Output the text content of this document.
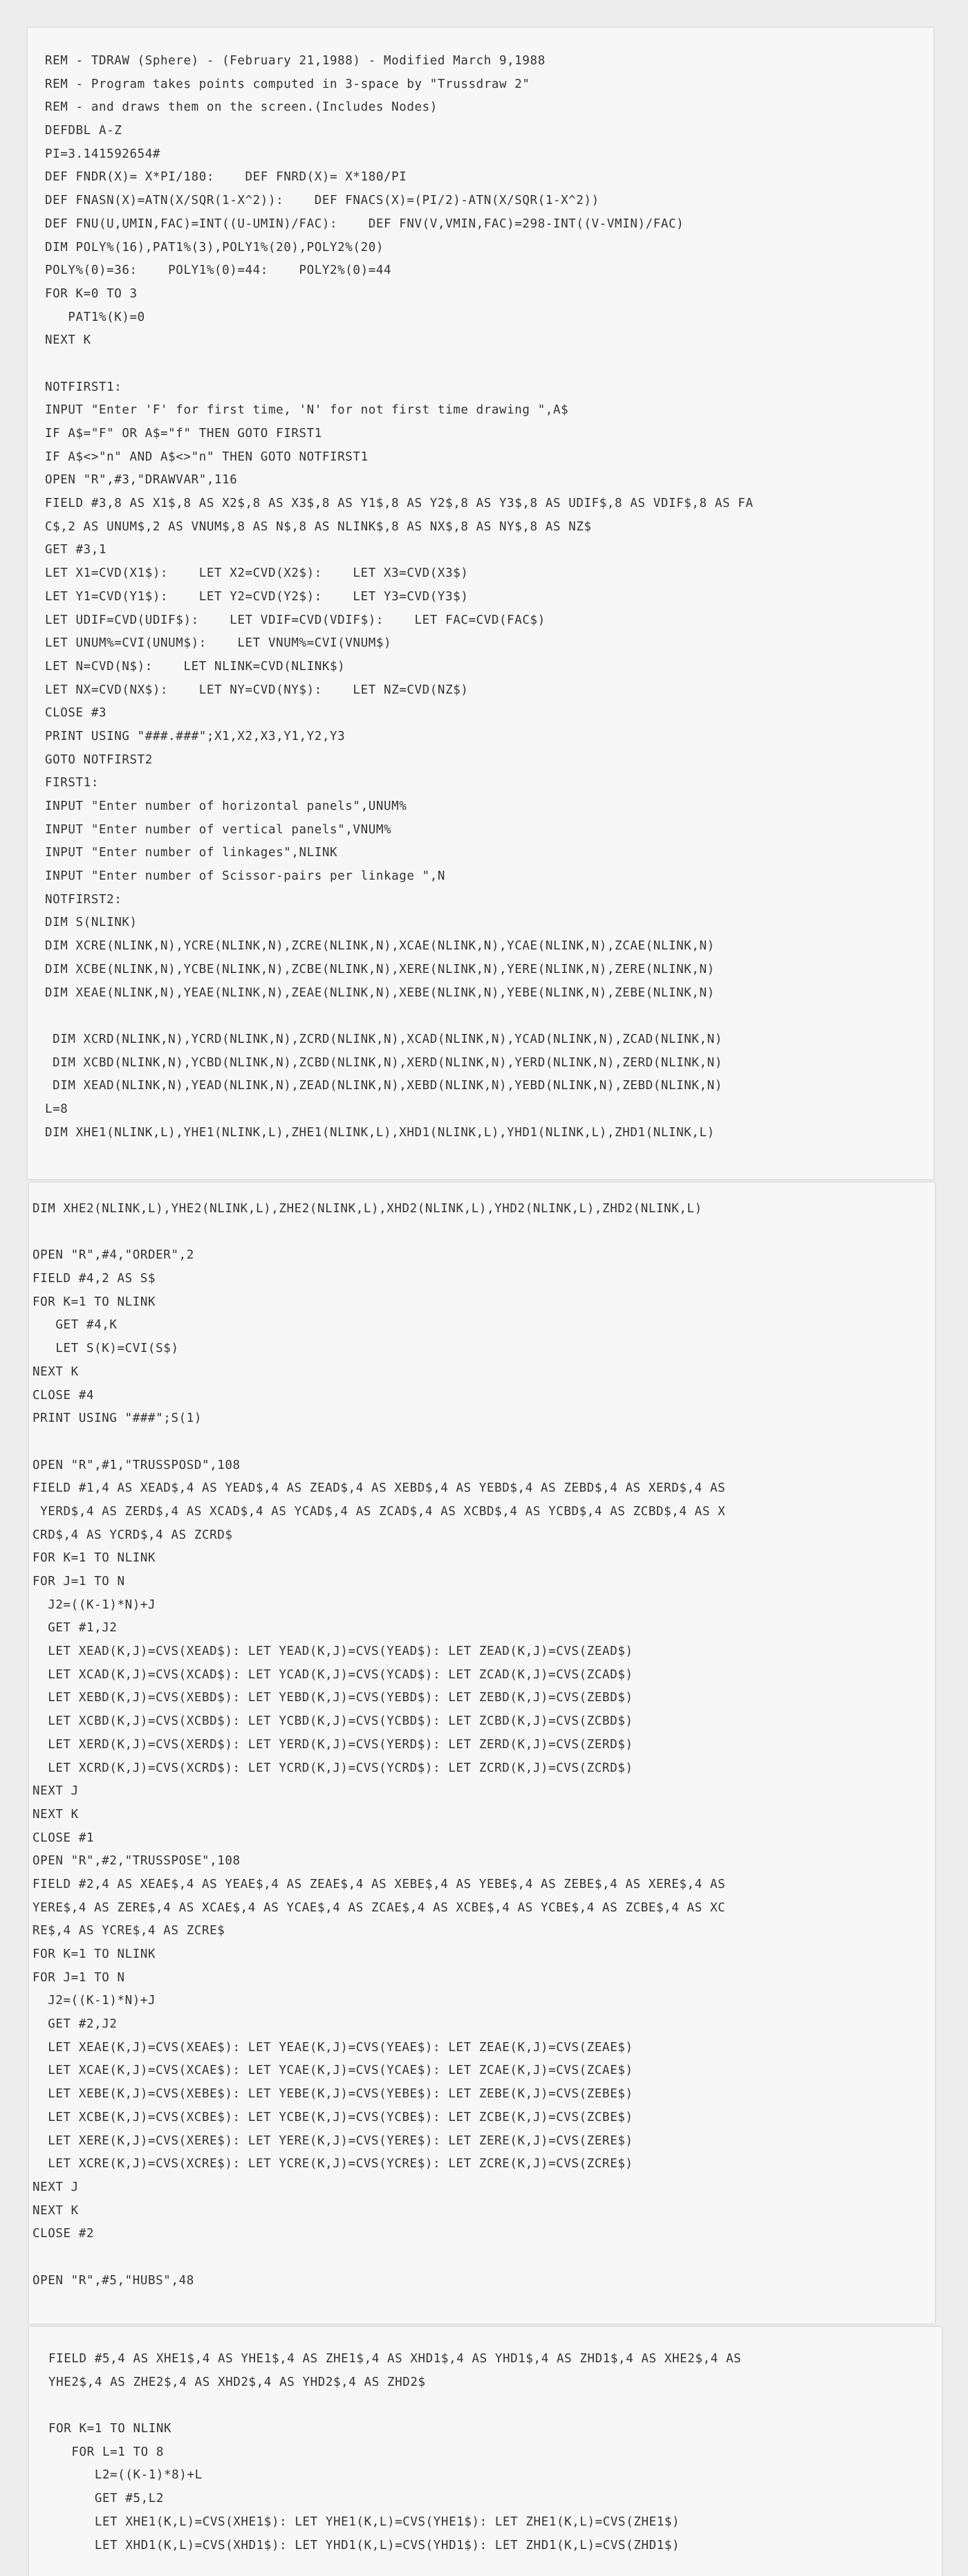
REM - TDRAW (Sphere) - (February 21,1988) - Modified March 9,1988
REM - Program takes points computed in 3-space by "Trussdraw 2"
REM - and draws them on the screen.(Includes Nodes)
DEFDBL A-Z
PI=3.141592654#
DEF FNDR(X)= X*PI/180:    DEF FNRD(X)= X*180/PI
DEF FNASN(X)=ATN(X/SQR(1-X^2)):    DEF FNACS(X)=(PI/2)-ATN(X/SQR(1-X^2))
DEF FNU(U,UMIN,FAC)=INT((U-UMIN)/FAC):    DEF FNV(V,VMIN,FAC)=298-INT((V-VMIN)/FAC)
DIM POLY%(16),PAT1%(3),POLY1%(20),POLY2%(20)
POLY%(0)=36:    POLY1%(0)=44:    POLY2%(0)=44
FOR K=0 TO 3
PAT1%(K)=0
NEXT K
NOTFIRST1:
INPUT "Enter 'F' for first time, 'N' for not first time drawing ",A$
IF A$="F" OR A$="f" THEN GOTO FIRST1
IF A$<>"n" AND A$<>"n" THEN GOTO NOTFIRST1
OPEN "R",#3,"DRAWVAR",116
FIELD #3,8 AS X1$,8 AS X2$,8 AS X3$,8 AS Y1$,8 AS Y2$,8 AS Y3$,8 AS UDIF$,8 AS VDIF$,8 AS FA
C$,2 AS UNUM$,2 AS VNUM$,8 AS N$,8 AS NLINK$,8 AS NX$,8 AS NY$,8 AS NZ$
GET #3,1
LET X1=CVD(X1$):    LET X2=CVD(X2$):    LET X3=CVD(X3$)
LET Y1=CVD(Y1$):    LET Y2=CVD(Y2$):    LET Y3=CVD(Y3$)
LET UDIF=CVD(UDIF$):    LET VDIF=CVD(VDIF$):    LET FAC=CVD(FAC$)
LET UNUM%=CVI(UNUM$):    LET VNUM%=CVI(VNUM$)
LET N=CVD(N$):    LET NLINK=CVD(NLINK$)
LET NX=CVD(NX$):    LET NY=CVD(NY$):    LET NZ=CVD(NZ$)
CLOSE #3
PRINT USING "###.###";X1,X2,X3,Y1,Y2,Y3
GOTO NOTFIRST2
FIRST1:
INPUT "Enter number of horizontal panels",UNUM%
INPUT "Enter number of vertical panels",VNUM%
INPUT "Enter number of linkages",NLINK
INPUT "Enter number of Scissor-pairs per linkage ",N
NOTFIRST2:
DIM S(NLINK)
DIM XCRE(NLINK,N),YCRE(NLINK,N),ZCRE(NLINK,N),XCAE(NLINK,N),YCAE(NLINK,N),ZCAE(NLINK,N)
DIM XCBE(NLINK,N),YCBE(NLINK,N),ZCBE(NLINK,N),XERE(NLINK,N),YERE(NLINK,N),ZERE(NLINK,N)
DIM XEAE(NLINK,N),YEAE(NLINK,N),ZEAE(NLINK,N),XEBE(NLINK,N),YEBE(NLINK,N),ZEBE(NLINK,N)
DIM XCRD(NLINK,N),YCRD(NLINK,N),ZCRD(NLINK,N),XCAD(NLINK,N),YCAD(NLINK,N),ZCAD(NLINK,N)
DIM XCBD(NLINK,N),YCBD(NLINK,N),ZCBD(NLINK,N),XERD(NLINK,N),YERD(NLINK,N),ZERD(NLINK,N)
DIM XEAD(NLINK,N),YEAD(NLINK,N),ZEAD(NLINK,N),XEBD(NLINK,N),YEBD(NLINK,N),ZEBD(NLINK,N)
L=8
DIM XHE1(NLINK,L),YHE1(NLINK,L),ZHE1(NLINK,L),XHD1(NLINK,L),YHD1(NLINK,L),ZHD1(NLINK,L)
DIM XHE2(NLINK,L),YHE2(NLINK,L),ZHE2(NLINK,L),XHD2(NLINK,L),YHD2(NLINK,L),ZHD2(NLINK,L)
OPEN "R",#4,"ORDER",2
FIELD #4,2 AS S$
FOR K=1 TO NLINK
GET #4,K
LET S(K)=CVI(S$)
NEXT K
CLOSE #4
PRINT USING "###";S(1)
OPEN "R",#1,"TRUSSPOSD",108
FIELD #1,4 AS XEAD$,4 AS YEAD$,4 AS ZEAD$,4 AS XEBD$,4 AS YEBD$,4 AS ZEBD$,4 AS XERD$,4 AS
YERD$,4 AS ZERD$,4 AS XCAD$,4 AS YCAD$,4 AS ZCAD$,4 AS XCBD$,4 AS YCBD$,4 AS ZCBD$,4 AS X
CRD$,4 AS YCRD$,4 AS ZCRD$
FOR K=1 TO NLINK
FOR J=1 TO N
J2=((K-1)*N)+J
GET #1,J2
LET XEAD(K,J)=CVS(XEAD$): LET YEAD(K,J)=CVS(YEAD$): LET ZEAD(K,J)=CVS(ZEAD$)
LET XCAD(K,J)=CVS(XCAD$): LET YCAD(K,J)=CVS(YCAD$): LET ZCAD(K,J)=CVS(ZCAD$)
LET XEBD(K,J)=CVS(XEBD$): LET YEBD(K,J)=CVS(YEBD$): LET ZEBD(K,J)=CVS(ZEBD$)
LET XCBD(K,J)=CVS(XCBD$): LET YCBD(K,J)=CVS(YCBD$): LET ZCBD(K,J)=CVS(ZCBD$)
LET XERD(K,J)=CVS(XERD$): LET YERD(K,J)=CVS(YERD$): LET ZERD(K,J)=CVS(ZERD$)
LET XCRD(K,J)=CVS(XCRD$): LET YCRD(K,J)=CVS(YCRD$): LET ZCRD(K,J)=CVS(ZCRD$)
NEXT J
NEXT K
CLOSE #1
OPEN "R",#2,"TRUSSPOSE",108
FIELD #2,4 AS XEAE$,4 AS YEAE$,4 AS ZEAE$,4 AS XEBE$,4 AS YEBE$,4 AS ZEBE$,4 AS XERE$,4 AS
YERE$,4 AS ZERE$,4 AS XCAE$,4 AS YCAE$,4 AS ZCAE$,4 AS XCBE$,4 AS YCBE$,4 AS ZCBE$,4 AS XC
RE$,4 AS YCRE$,4 AS ZCRE$
FOR K=1 TO NLINK
FOR J=1 TO N
J2=((K-1)*N)+J
GET #2,J2
LET XEAE(K,J)=CVS(XEAE$): LET YEAE(K,J)=CVS(YEAE$): LET ZEAE(K,J)=CVS(ZEAE$)
LET XCAE(K,J)=CVS(XCAE$): LET YCAE(K,J)=CVS(YCAE$): LET ZCAE(K,J)=CVS(ZCAE$)
LET XEBE(K,J)=CVS(XEBE$): LET YEBE(K,J)=CVS(YEBE$): LET ZEBE(K,J)=CVS(ZEBE$)
LET XCBE(K,J)=CVS(XCBE$): LET YCBE(K,J)=CVS(YCBE$): LET ZCBE(K,J)=CVS(ZCBE$)
LET XERE(K,J)=CVS(XERE$): LET YERE(K,J)=CVS(YERE$): LET ZERE(K,J)=CVS(ZERE$)
LET XCRE(K,J)=CVS(XCRE$): LET YCRE(K,J)=CVS(YCRE$): LET ZCRE(K,J)=CVS(ZCRE$)
NEXT J
NEXT K
CLOSE #2
OPEN "R",#5,"HUBS",48
FIELD #5,4 AS XHE1$,4 AS YHE1$,4 AS ZHE1$,4 AS XHD1$,4 AS YHD1$,4 AS ZHD1$,4 AS XHE2$,4 AS
YHE2$,4 AS ZHE2$,4 AS XHD2$,4 AS YHD2$,4 AS ZHD2$
FOR K=1 TO NLINK
FOR L=1 TO 8
L2=((K-1)*8)+L
GET #5,L2
LET XHE1(K,L)=CVS(XHE1$): LET YHE1(K,L)=CVS(YHE1$): LET ZHE1(K,L)=CVS(ZHE1$)
LET XHD1(K,L)=CVS(XHD1$): LET YHD1(K,L)=CVS(YHD1$): LET ZHD1(K,L)=CVS(ZHD1$)
